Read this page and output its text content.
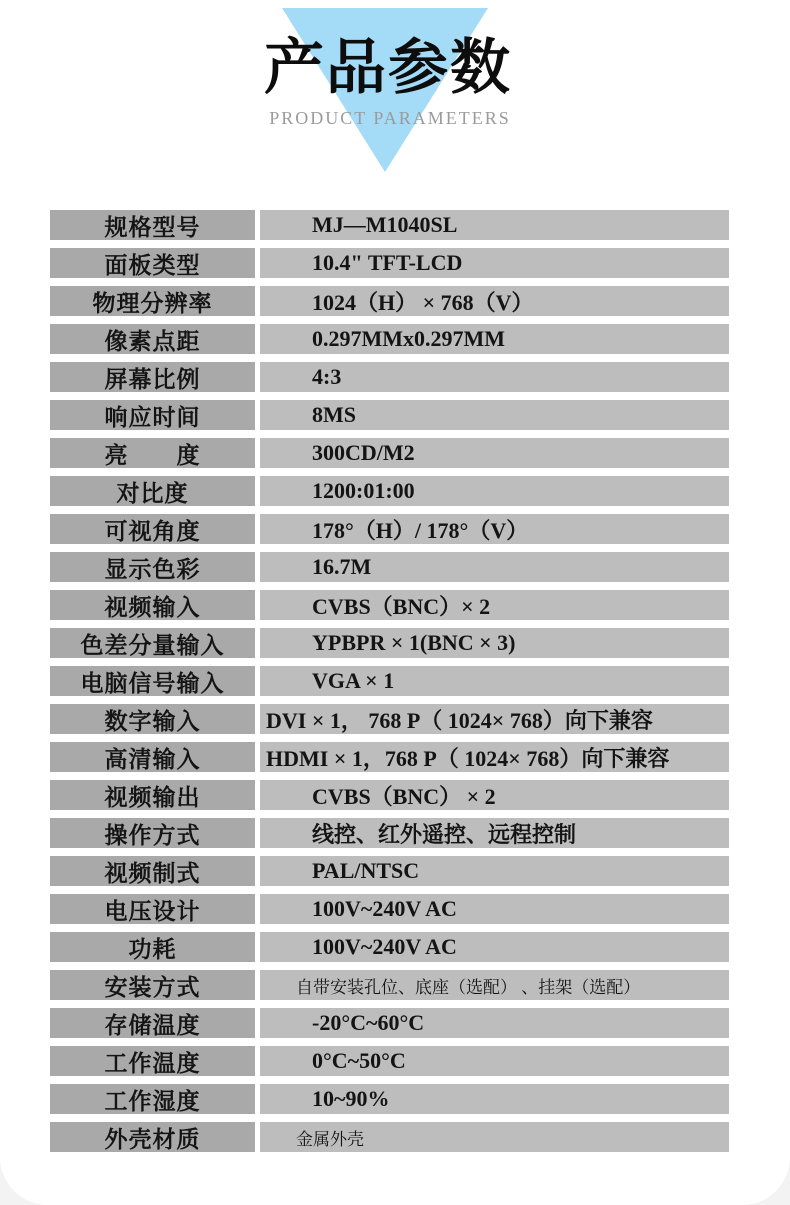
产品参数
PRODUCT PARAMETERS
规格型号	MJ—M1040SL
面板类型	10.4" TFT-LCD
物理分辨率	1024（H） × 768（V）
像素点距	0.297MMx0.297MM
屏幕比例	4:3
响应时间	8MS
亮　　度	300CD/M2
对比度	1200:01:00
可视角度	178°（H）/ 178°（V）
显示色彩	16.7M
视频输入	CVBS（BNC）× 2
色差分量输入	YPBPR × 1(BNC × 3)
电脑信号输入	VGA × 1
数字输入	DVI × 1， 768 P（ 1024× 768）向下兼容
高清输入	HDMI × 1，768 P（ 1024× 768）向下兼容
视频输出	CVBS（BNC） × 2
操作方式	线控、红外遥控、远程控制
视频制式	PAL/NTSC
电压设计	100V~240V AC
功耗	100V~240V AC
安装方式	自带安装孔位、底座（选配） 、挂架（选配）
存储温度	-20°C~60°C
工作温度	0°C~50°C
工作湿度	10~90%
外壳材质	金属外壳
